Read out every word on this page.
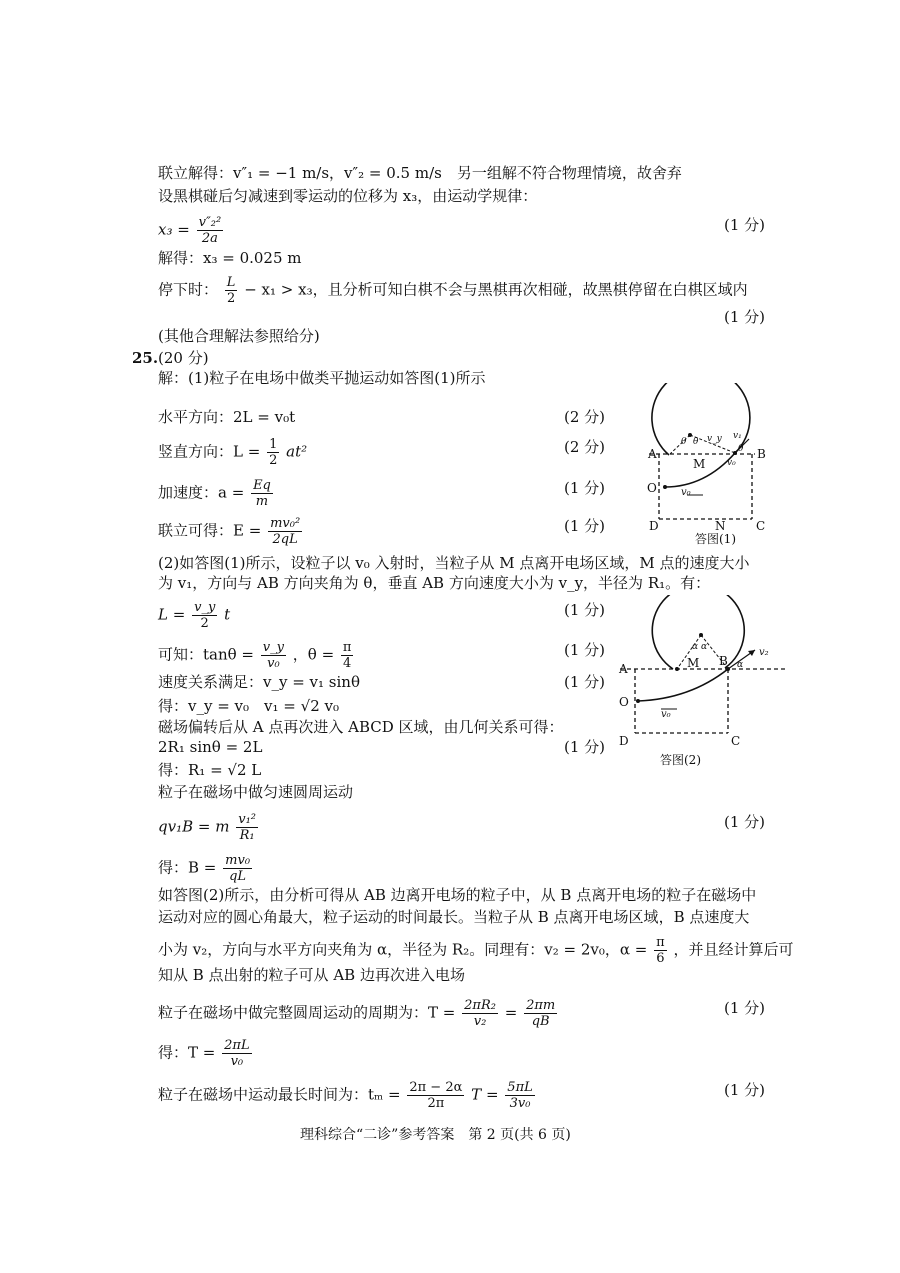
联立解得：v″₁ = −1 m/s，v″₂ = 0.5 m/s　另一组解不符合物理情境，故舍弃
设黑棋碰后匀减速到零运动的位移为 x₃，由运动学规律：
$x_3 = \frac{\text{v″₂²}}{2a}$	(1 分)
解得：x₃ = 0.025 m
停下时： $\frac{L}{2} - x_1 > x_3$，且分析可知白棋不会与黑棋再次相碰，故黑棋停留在白棋区域内
(1 分)
(其他合理解法参照给分)
25. (20 分)
解：(1)粒子在电场中做类平抛运动如答图(1)所示
水平方向：2L = v₀t	(2 分)
竖直方向：$L = \frac{1}{2} at^2$	(2 分)
加速度：$a = \frac{Eq}{m}$	(1 分)
联立可得：$E = \frac{\text{mv₀²}}{2qL}$	(1 分)
A	B
C
D
M
N
O v₀
v₀
v₁
v_y
θ θ
θ
答图(1)
(2)如答图(1)所示，设粒子以 v₀ 入射时，当粒子从 M 点离开电场区域，M 点的速度大小
为 v₁，方向与 AB 方向夹角为 θ，垂直 AB 方向速度大小为 v_y，半径为 R₁。有：
$L = \frac{v\_y}{2}$ t	(1 分)
可知：$\tan\theta = \frac{v\_y}{\text{v₀}}$ ，$\theta = \frac{\pi}{4}$	(1 分)
速度关系满足：v_y = v₁ sinθ	(1 分)
得：v_y = v₀　v₁ = √2 v₀
磁场偏转后从 A 点再次进入 ABCD 区域，由几何关系可得：
2R₁ sinθ = 2L	(1 分)
得：R₁ = √2 L
粒子在磁场中做匀速圆周运动
qv₁B = m $\frac{\text{v₁²}}{\text{R₁}}$	(1 分)
得：$B = \frac{\text{mv₀}}{qL}$
A
B
C
D
M
O
v₀
v₂
α α
α
答图(2)
如答图(2)所示，由分析可得从 AB 边离开电场的粒子中，从 B 点离开电场的粒子在磁场中
运动对应的圆心角最大，粒子运动的时间最长。当粒子从 B 点离开电场区域，B 点速度大
小为 v₂，方向与水平方向夹角为 α，半径为 R₂。同理有：v₂ = 2v₀，$\alpha = \frac{\pi}{6}$ ，并且经计算后可
知从 B 点出射的粒子可从 AB 边再次进入电场
粒子在磁场中做完整圆周运动的周期为：$T = \frac{\text{2πR₂}}{\text{v₂}} = \frac{2\pi m}{qB}$	(1 分)
得：$T = \frac{2\pi L}{\text{v₀}}$
粒子在磁场中运动最长时间为：$t_m = \frac{2\pi - 2\alpha}{2\pi}$ $T = \frac{5\pi L}{\text{3v₀}}$	(1 分)
理科综合“二诊”参考答案　第 2 页(共 6 页)
